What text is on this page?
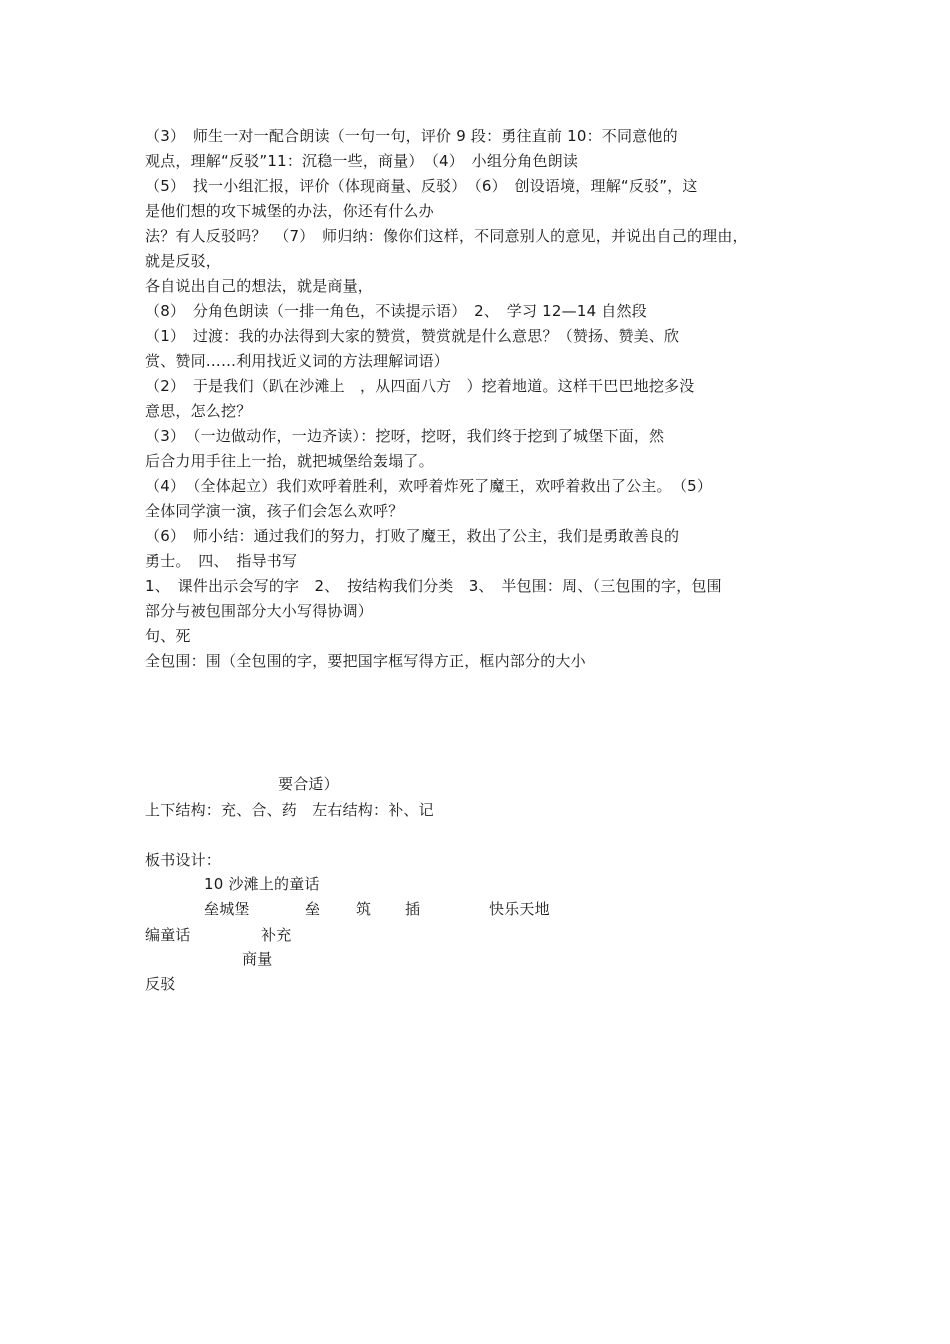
（3）　师生一对一配合朗读（一句一句，评价 9 段：勇往直前 10：不同意他的
观点，理解“反驳”11：沉稳一些，商量）　（4）　小组分角色朗读
（5）　找一小组汇报，评价（体现商量、反驳）　（6）　创设语境，理解“反驳”，这
是他们想的攻下城堡的办法，你还有什么办
法？有人反驳吗？　（7）　师归纳：像你们这样，不同意别人的意见，并说出自己的理由，
就是反驳，
各自说出自己的想法，就是商量，
（8）　分角色朗读（一排一角色，不读提示语）　2、　学习 12—14 自然段
（1）　过渡：我的办法得到大家的赞赏，赞赏就是什么意思？（赞扬、赞美、欣
赏、赞同……利用找近义词的方法理解词语）
（2）　于是我们（趴在沙滩上　，从四面八方　）挖着地道。这样干巴巴地挖多没
意思，怎么挖？
（3）　（一边做动作，一边齐读）：挖呀，挖呀，我们终于挖到了城堡下面，然
后合力用手往上一抬，就把城堡给轰塌了。
（4）　（全体起立）我们欢呼着胜利，欢呼着炸死了魔王，欢呼着救出了公主。　（5）
全体同学演一演，孩子们会怎么欢呼？
（6）　师小结：通过我们的努力，打败了魔王，救出了公主，我们是勇敢善良的
勇士。　四、　指导书写
1、　课件出示会写的字　2、　按结构我们分类　3、　半包围：周、（三包围的字，包围
部分与被包围部分大小写得协调）
句、死
全包围：围（全包围的字，要把国字框写得方正，框内部分的大小
要合适）
上下结构：充、合、药　左右结构：补、记
板书设计：
10 沙滩上的童话
垒城堡	垒 筑 插	快乐天地
编童话	补充
商量
反驳
